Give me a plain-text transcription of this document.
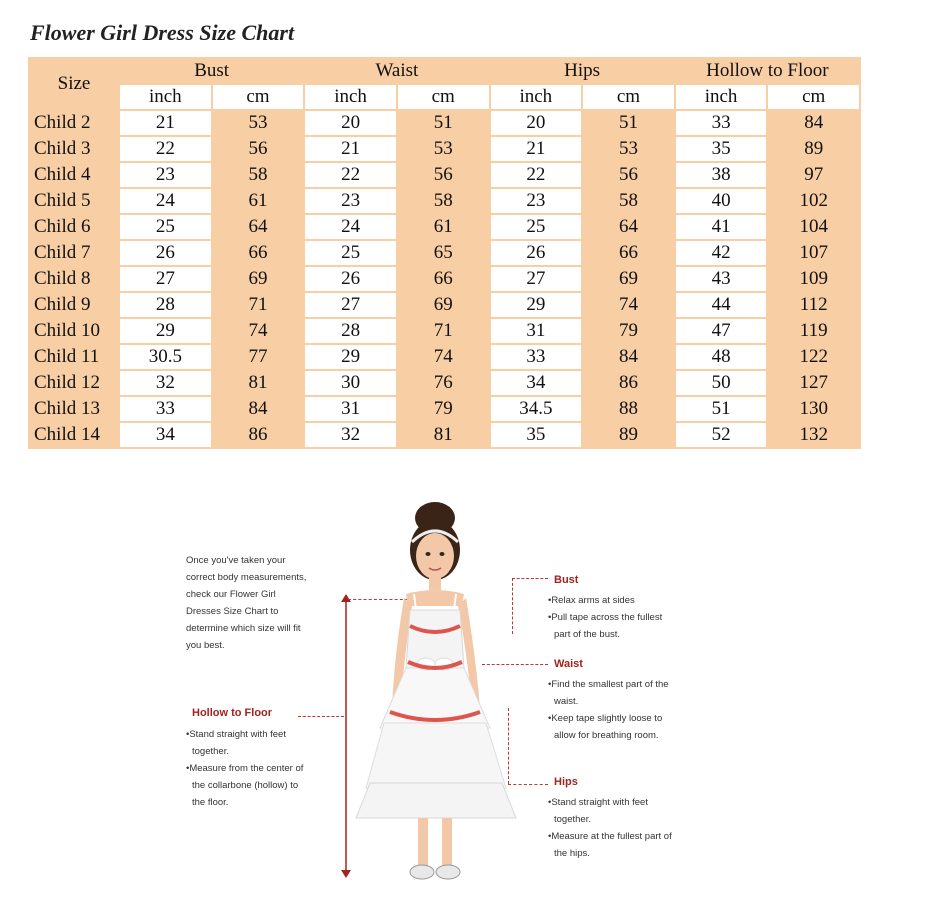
Flower Girl Dress Size Chart
Size	Bust		Waist		Hips		Hollow to Floor	
	inch	cm	inch	cm	inch	cm	inch	cm
Child 2	21	53	20	51	20	51	33	84
Child 3	22	56	21	53	21	53	35	89
Child 4	23	58	22	56	22	56	38	97
Child 5	24	61	23	58	23	58	40	102
Child 6	25	64	24	61	25	64	41	104
Child 7	26	66	25	65	26	66	42	107
Child 8	27	69	26	66	27	69	43	109
Child 9	28	71	27	69	29	74	44	112
Child 10	29	74	28	71	31	79	47	119
Child 11	30.5	77	29	74	33	84	48	122
Child 12	32	81	30	76	34	86	50	127
Child 13	33	84	31	79	34.5	88	51	130
Child 14	34	86	32	81	35	89	52	132
Once you've taken your
correct body measurements,
check our Flower Girl
Dresses Size Chart to
determine which size will fit
you best.
Hollow to Floor
•Stand straight with feet
together.
•Measure from the center of
the collarbone (hollow) to
the floor.
Bust
•Relax arms at sides
•Pull tape across the fullest
part of the bust.
Waist
•Find the smallest part of the
waist.
•Keep tape slightly loose to
allow for breathing room.
Hips
•Stand straight with feet
together.
•Measure at the fullest part of
the hips.
